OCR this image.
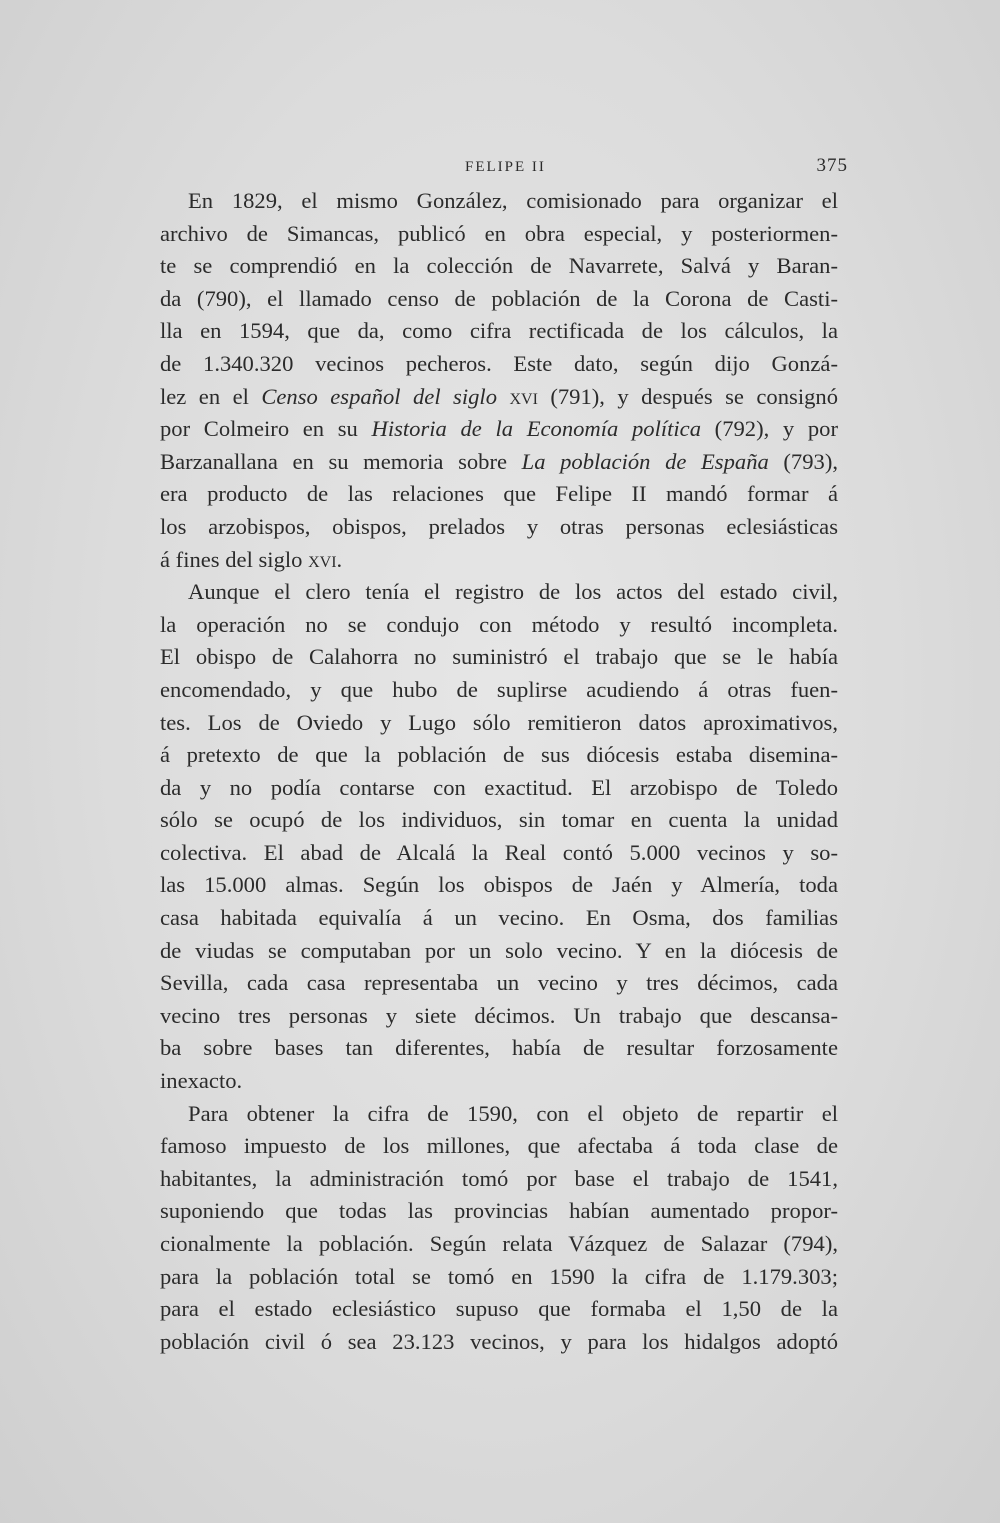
FELIPE II	375
En 1829, el mismo González, comisionado para organizar el
archivo de Simancas, publicó en obra especial, y posteriormen-
te se comprendió en la colección de Navarrete, Salvá y Baran-
da (790), el llamado censo de población de la Corona de Casti-
lla en 1594, que da, como cifra rectificada de los cálculos, la
de 1.340.320 vecinos pecheros. Este dato, según dijo Gonzá-
lez en el Censo español del siglo xvi (791), y después se consignó
por Colmeiro en su Historia de la Economía política (792), y por
Barzanallana en su memoria sobre La población de España (793),
era producto de las relaciones que Felipe II mandó formar á
los arzobispos, obispos, prelados y otras personas eclesiásticas
á fines del siglo xvi.
Aunque el clero tenía el registro de los actos del estado civil,
la operación no se condujo con método y resultó incompleta.
El obispo de Calahorra no suministró el trabajo que se le había
encomendado, y que hubo de suplirse acudiendo á otras fuen-
tes. Los de Oviedo y Lugo sólo remitieron datos aproximativos,
á pretexto de que la población de sus diócesis estaba disemina-
da y no podía contarse con exactitud. El arzobispo de Toledo
sólo se ocupó de los individuos, sin tomar en cuenta la unidad
colectiva. El abad de Alcalá la Real contó 5.000 vecinos y so-
las 15.000 almas. Según los obispos de Jaén y Almería, toda
casa habitada equivalía á un vecino. En Osma, dos familias
de viudas se computaban por un solo vecino. Y en la diócesis de
Sevilla, cada casa representaba un vecino y tres décimos, cada
vecino tres personas y siete décimos. Un trabajo que descansa-
ba sobre bases tan diferentes, había de resultar forzosamente
inexacto.
Para obtener la cifra de 1590, con el objeto de repartir el
famoso impuesto de los millones, que afectaba á toda clase de
habitantes, la administración tomó por base el trabajo de 1541,
suponiendo que todas las provincias habían aumentado propor-
cionalmente la población. Según relata Vázquez de Salazar (794),
para la población total se tomó en 1590 la cifra de 1.179.303;
para el estado eclesiástico supuso que formaba el 1,50 de la
población civil ó sea 23.123 vecinos, y para los hidalgos adoptó
